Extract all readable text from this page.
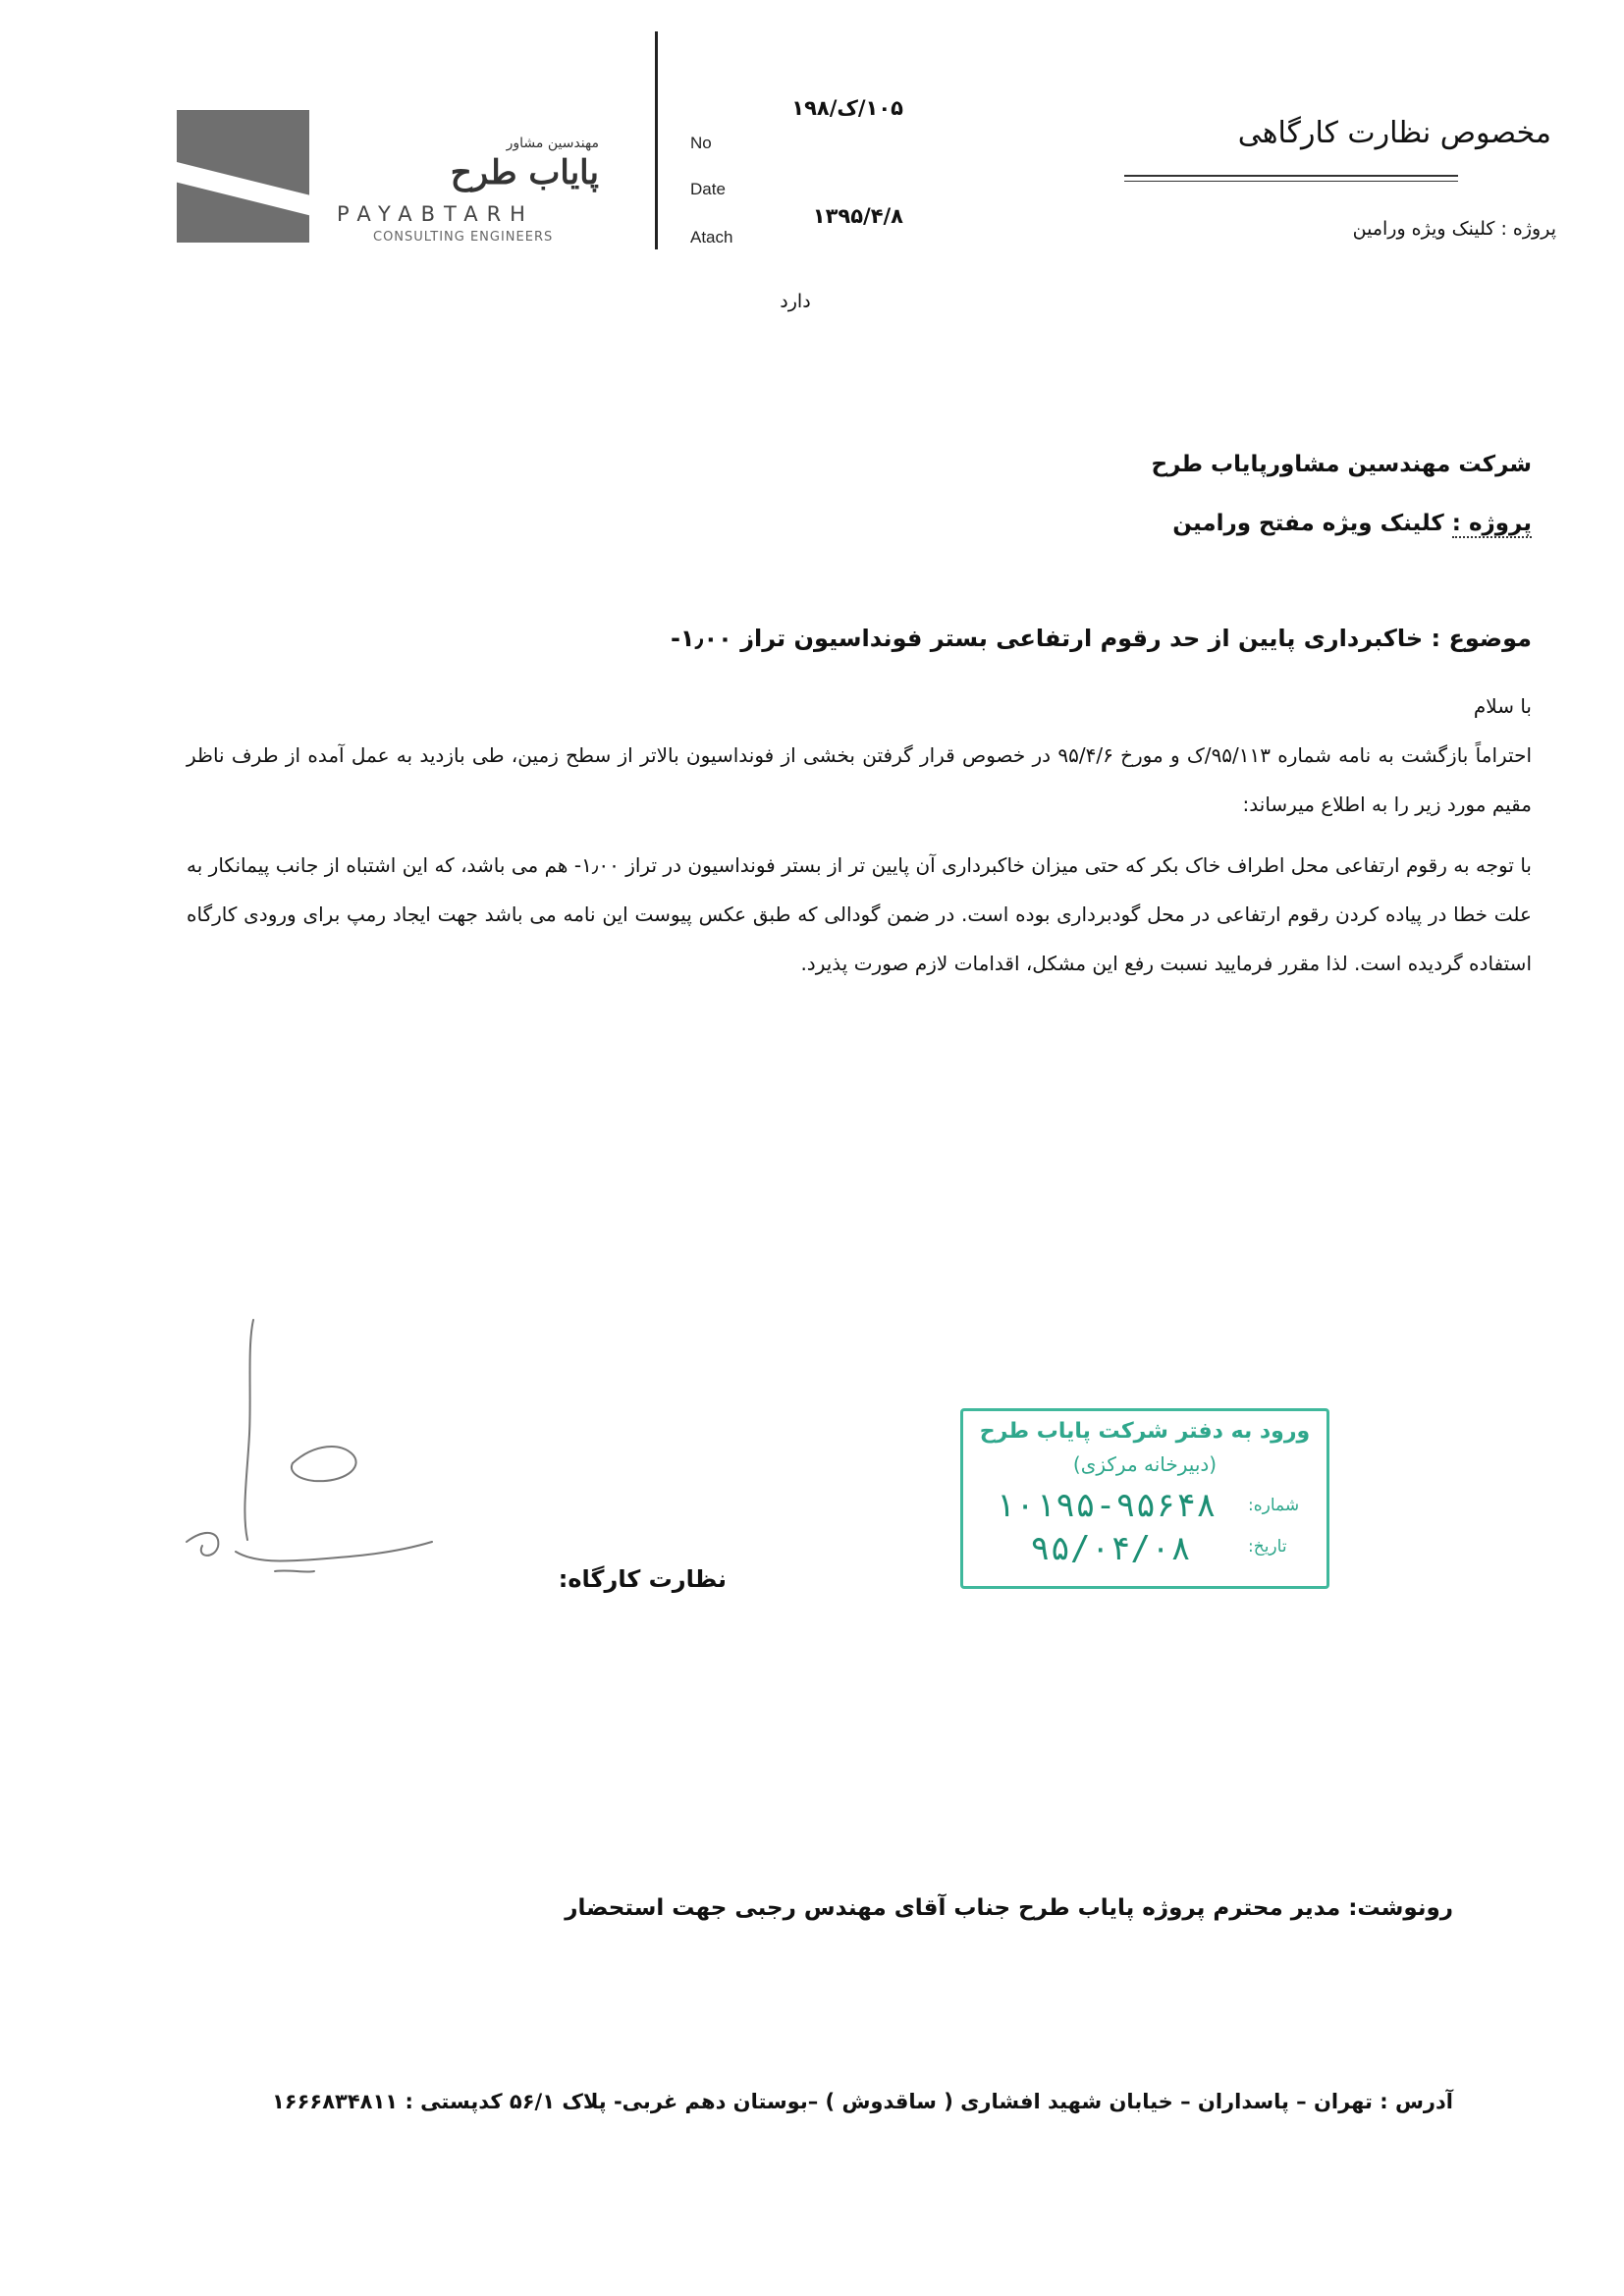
مهندسین مشاور
پایاب طرح
PAYABTARH
CONSULTING ENGINEERS
No
Date
Atach
۱۰۵/ک/۱۹۸
۱۳۹۵/۴/۸
دارد
مخصوص نظارت کارگاهی
پروژه : کلینک ویژه ورامین
شرکت مهندسین مشاورپایاب طرح
پروژه : کلینک ویژه مفتح ورامین
موضوع : خاکبرداری پایین از حد رقوم ارتفاعی بستر فونداسیون تراز ۱٫۰۰-
با سلام
احتراماً بازگشت به نامه شماره ۹۵/۱۱۳/ک و مورخ ۹۵/۴/۶ در خصوص قرار گرفتن بخشی از فونداسیون بالاتر از سطح زمین، طی بازدید به عمل آمده از طرف ناظر مقیم مورد زیر را به اطلاع میرساند:
با توجه به رقوم ارتفاعی محل اطراف خاک بکر که حتی میزان خاکبرداری آن پایین تر از بستر فونداسیون در تراز ۱٫۰۰- هم می باشد، که این اشتباه از جانب پیمانکار به علت خطا در پیاده کردن رقوم ارتفاعی در محل گودبرداری بوده است. در ضمن گودالی که طبق عکس پیوست این نامه می باشد جهت ایجاد رمپ برای ورودی کارگاه استفاده گردیده است. لذا مقرر فرمایید نسبت رفع این مشکل، اقدامات لازم صورت پذیرد.
نظارت کارگاه:
ورود به دفتر شرکت پایاب طرح
(دبیرخانه مرکزی)
شماره:
۱۰۱۹۵-۹۵۶۴۸
تاریخ:
۹۵/۰۴/۰۸
رونوشت: مدیر محترم پروژه پایاب طرح جناب آقای مهندس رجبی جهت استحضار
آدرس : تهران – پاسداران – خیابان شهید افشاری ( ساقدوش ) –بوستان دهم غربی- پلاک ۵۶/۱ کدپستی : ۱۶۶۶۸۳۴۸۱۱
